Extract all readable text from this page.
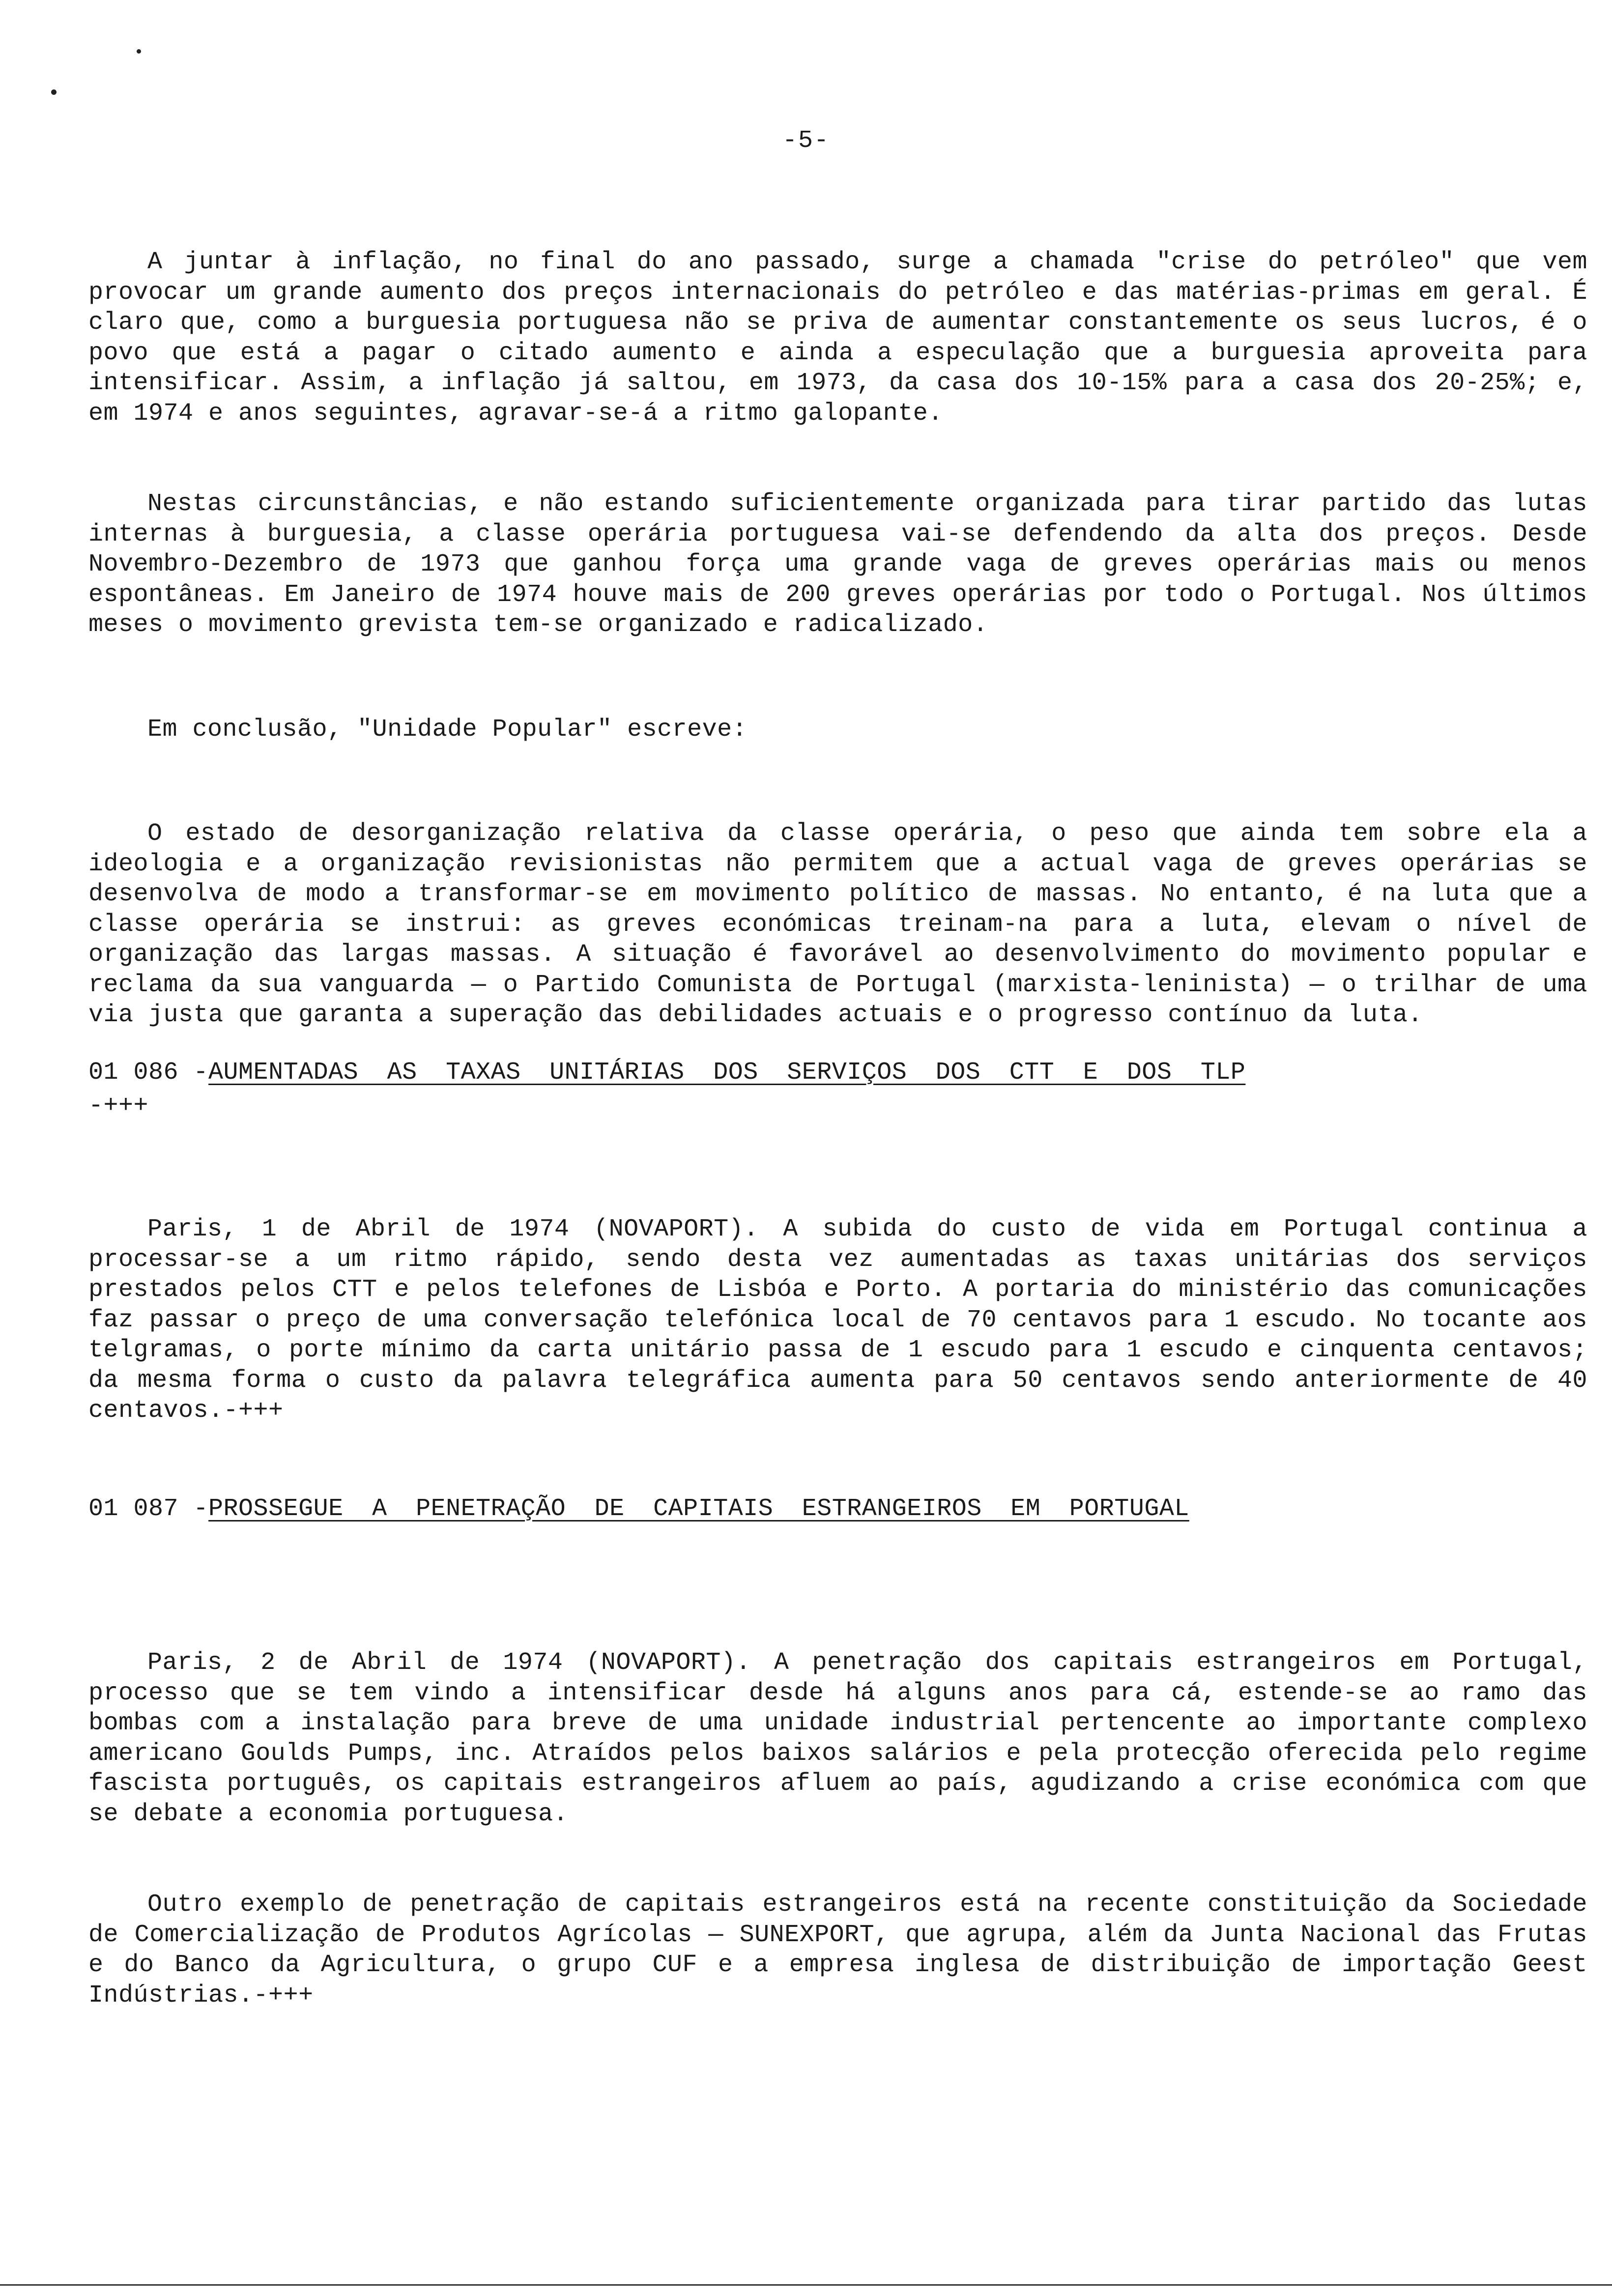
-5-

A juntar à inflação, no final do ano passado, surge a chamada "crise do petróleo" que vem provocar um grande aumento dos preços internacionais do petróleo e das matérias-primas em geral. É claro que, como a burguesia portuguesa não se priva de aumentar constantemente os seus lucros, é o povo que está a pagar o citado aumento e ainda a especulação que a burguesia aproveita para intensificar. Assim, a inflação já saltou, em 1973, da casa dos 10-15% para a casa dos 20-25%; e, em 1974 e anos seguintes, agravar-se-á a ritmo galopante.

Nestas circunstâncias, e não estando suficientemente organizada para tirar partido das lutas internas à burguesia, a classe operária portuguesa vai-se defendendo da alta dos preços. Desde Novembro-Dezembro de 1973 que ganhou força uma grande vaga de greves operárias mais ou menos espontâneas. Em Janeiro de 1974 houve mais de 200 greves operárias por todo o Portugal. Nos últimos meses o movimento grevista tem-se organizado e radicalizado.

Em conclusão, "Unidade Popular" escreve:

O estado de desorganização relativa da classe operária, o peso que ainda tem sobre ela a ideologia e a organização revisionistas não permitem que a actual vaga de greves operárias se desenvolva de modo a transformar-se em movimento político de massas. No entanto, é na luta que a classe operária se instrui: as greves económicas treinam-na para a luta, elevam o nível de organização das largas massas. A situação é favorável ao desenvolvimento do movimento popular e reclama da sua vanguarda — o Partido Comunista de Portugal (marxista-leninista) — o trilhar de uma via justa que garanta a superação das debilidades actuais e o progresso contínuo da luta.

-+++

01 086 -AUMENTADAS AS TAXAS UNITÁRIAS DOS SERVIÇOS DOS CTT E DOS TLP

Paris, 1 de Abril de 1974 (NOVAPORT). A subida do custo de vida em Portugal continua a processar-se a um ritmo rápido, sendo desta vez aumentadas as taxas unitárias dos serviços prestados pelos CTT e pelos telefones de Lisbóa e Porto. A portaria do ministério das comunicações faz passar o preço de uma conversação telefónica local de 70 centavos para 1 escudo. No tocante aos telgramas, o porte mínimo da carta unitário passa de 1 escudo para 1 escudo e cinquenta centavos; da mesma forma o custo da palavra telegráfica aumenta para 50 centavos sendo anteriormente de 40 centavos.-+++

01 087 -PROSSEGUE A PENETRAÇÃO DE CAPITAIS ESTRANGEIROS EM PORTUGAL

Paris, 2 de Abril de 1974 (NOVAPORT). A penetração dos capitais estrangeiros em Portugal, processo que se tem vindo a intensificar desde há alguns anos para cá, estende-se ao ramo das bombas com a instalação para breve de uma unidade industrial pertencente ao importante complexo americano Goulds Pumps, inc. Atraídos pelos baixos salários e pela protecção oferecida pelo regime fascista português, os capitais estrangeiros afluem ao país, agudizando a crise económica com que se debate a economia portuguesa.

Outro exemplo de penetração de capitais estrangeiros está na recente constituição da Sociedade de Comercialização de Produtos Agrícolas — SUNEXPORT, que agrupa, além da Junta Nacional das Frutas e do Banco da Agricultura, o grupo CUF e a empresa inglesa de distribuição de importação Geest Indústrias.-+++
